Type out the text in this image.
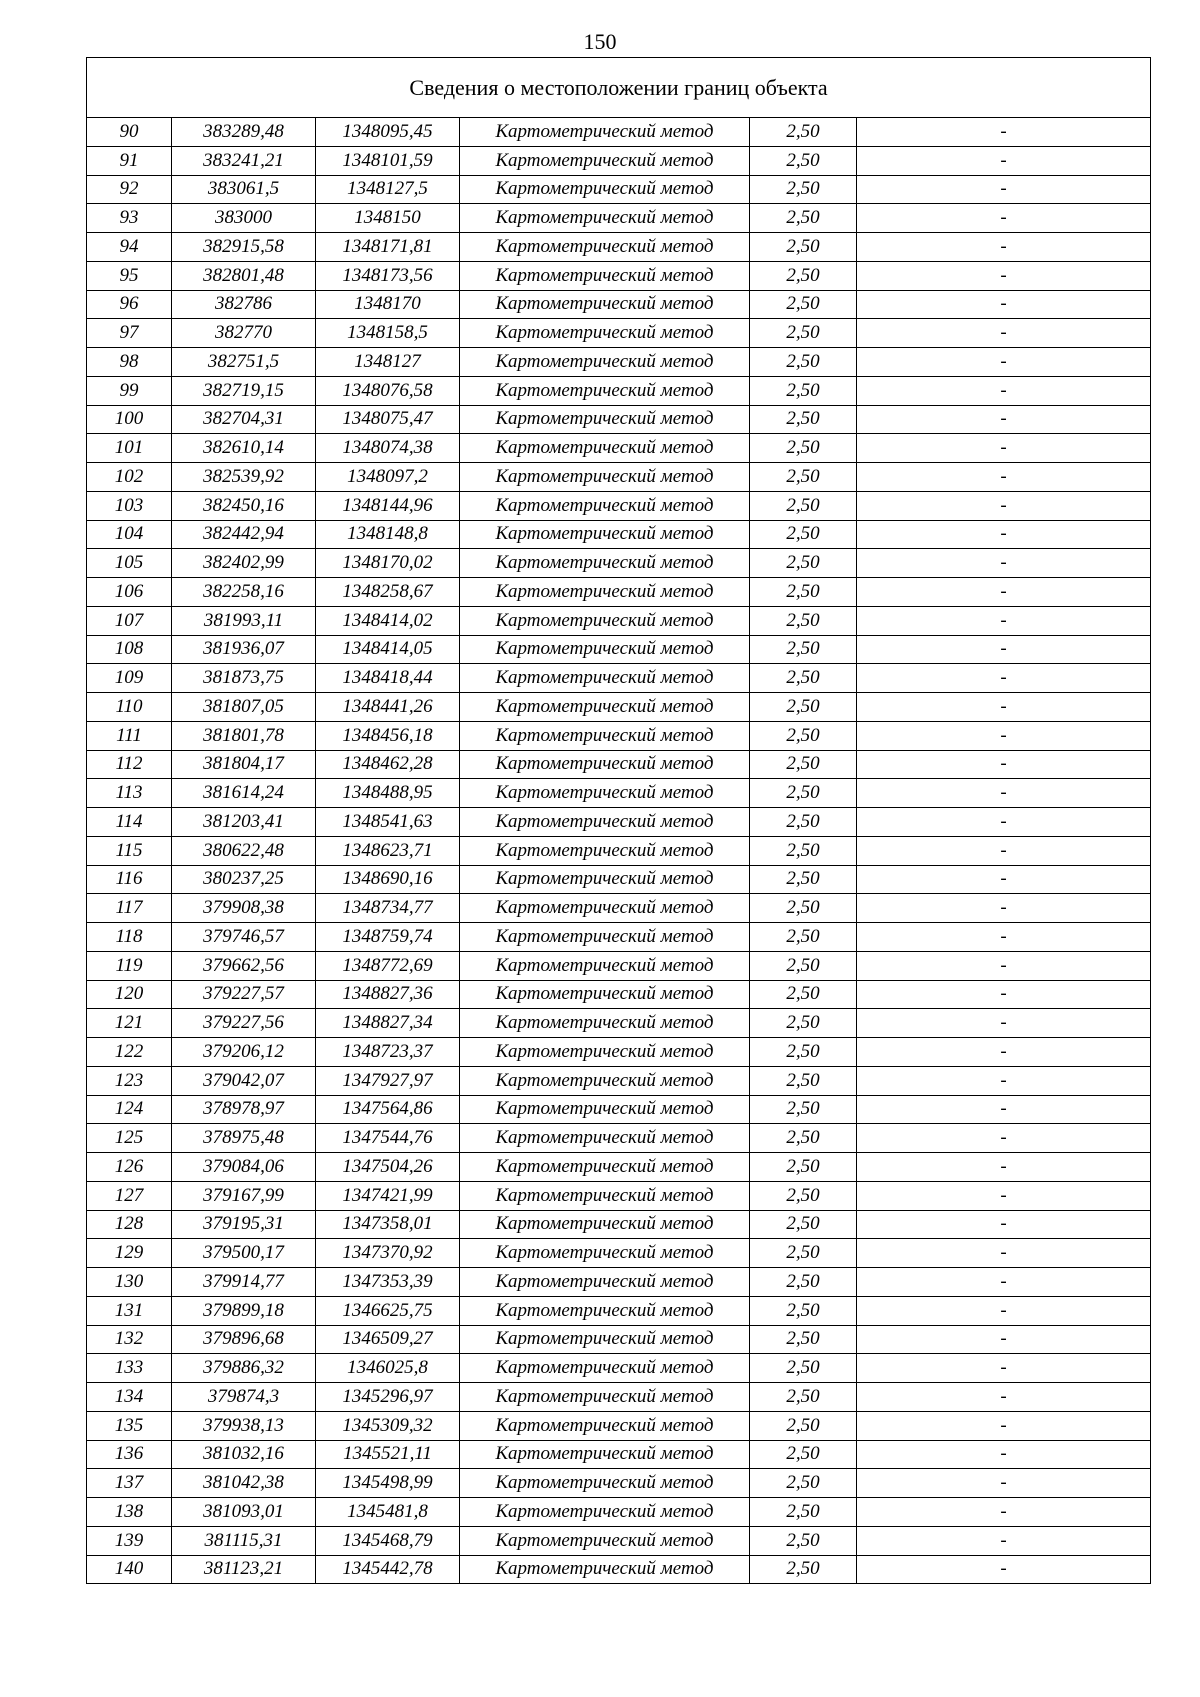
150
Сведения о местоположении границ объекта					
90	383289,48	1348095,45	Картометрический метод	2,50	-
91	383241,21	1348101,59	Картометрический метод	2,50	-
92	383061,5	1348127,5	Картометрический метод	2,50	-
93	383000	1348150	Картометрический метод	2,50	-
94	382915,58	1348171,81	Картометрический метод	2,50	-
95	382801,48	1348173,56	Картометрический метод	2,50	-
96	382786	1348170	Картометрический метод	2,50	-
97	382770	1348158,5	Картометрический метод	2,50	-
98	382751,5	1348127	Картометрический метод	2,50	-
99	382719,15	1348076,58	Картометрический метод	2,50	-
100	382704,31	1348075,47	Картометрический метод	2,50	-
101	382610,14	1348074,38	Картометрический метод	2,50	-
102	382539,92	1348097,2	Картометрический метод	2,50	-
103	382450,16	1348144,96	Картометрический метод	2,50	-
104	382442,94	1348148,8	Картометрический метод	2,50	-
105	382402,99	1348170,02	Картометрический метод	2,50	-
106	382258,16	1348258,67	Картометрический метод	2,50	-
107	381993,11	1348414,02	Картометрический метод	2,50	-
108	381936,07	1348414,05	Картометрический метод	2,50	-
109	381873,75	1348418,44	Картометрический метод	2,50	-
110	381807,05	1348441,26	Картометрический метод	2,50	-
111	381801,78	1348456,18	Картометрический метод	2,50	-
112	381804,17	1348462,28	Картометрический метод	2,50	-
113	381614,24	1348488,95	Картометрический метод	2,50	-
114	381203,41	1348541,63	Картометрический метод	2,50	-
115	380622,48	1348623,71	Картометрический метод	2,50	-
116	380237,25	1348690,16	Картометрический метод	2,50	-
117	379908,38	1348734,77	Картометрический метод	2,50	-
118	379746,57	1348759,74	Картометрический метод	2,50	-
119	379662,56	1348772,69	Картометрический метод	2,50	-
120	379227,57	1348827,36	Картометрический метод	2,50	-
121	379227,56	1348827,34	Картометрический метод	2,50	-
122	379206,12	1348723,37	Картометрический метод	2,50	-
123	379042,07	1347927,97	Картометрический метод	2,50	-
124	378978,97	1347564,86	Картометрический метод	2,50	-
125	378975,48	1347544,76	Картометрический метод	2,50	-
126	379084,06	1347504,26	Картометрический метод	2,50	-
127	379167,99	1347421,99	Картометрический метод	2,50	-
128	379195,31	1347358,01	Картометрический метод	2,50	-
129	379500,17	1347370,92	Картометрический метод	2,50	-
130	379914,77	1347353,39	Картометрический метод	2,50	-
131	379899,18	1346625,75	Картометрический метод	2,50	-
132	379896,68	1346509,27	Картометрический метод	2,50	-
133	379886,32	1346025,8	Картометрический метод	2,50	-
134	379874,3	1345296,97	Картометрический метод	2,50	-
135	379938,13	1345309,32	Картометрический метод	2,50	-
136	381032,16	1345521,11	Картометрический метод	2,50	-
137	381042,38	1345498,99	Картометрический метод	2,50	-
138	381093,01	1345481,8	Картометрический метод	2,50	-
139	381115,31	1345468,79	Картометрический метод	2,50	-
140	381123,21	1345442,78	Картометрический метод	2,50	-
